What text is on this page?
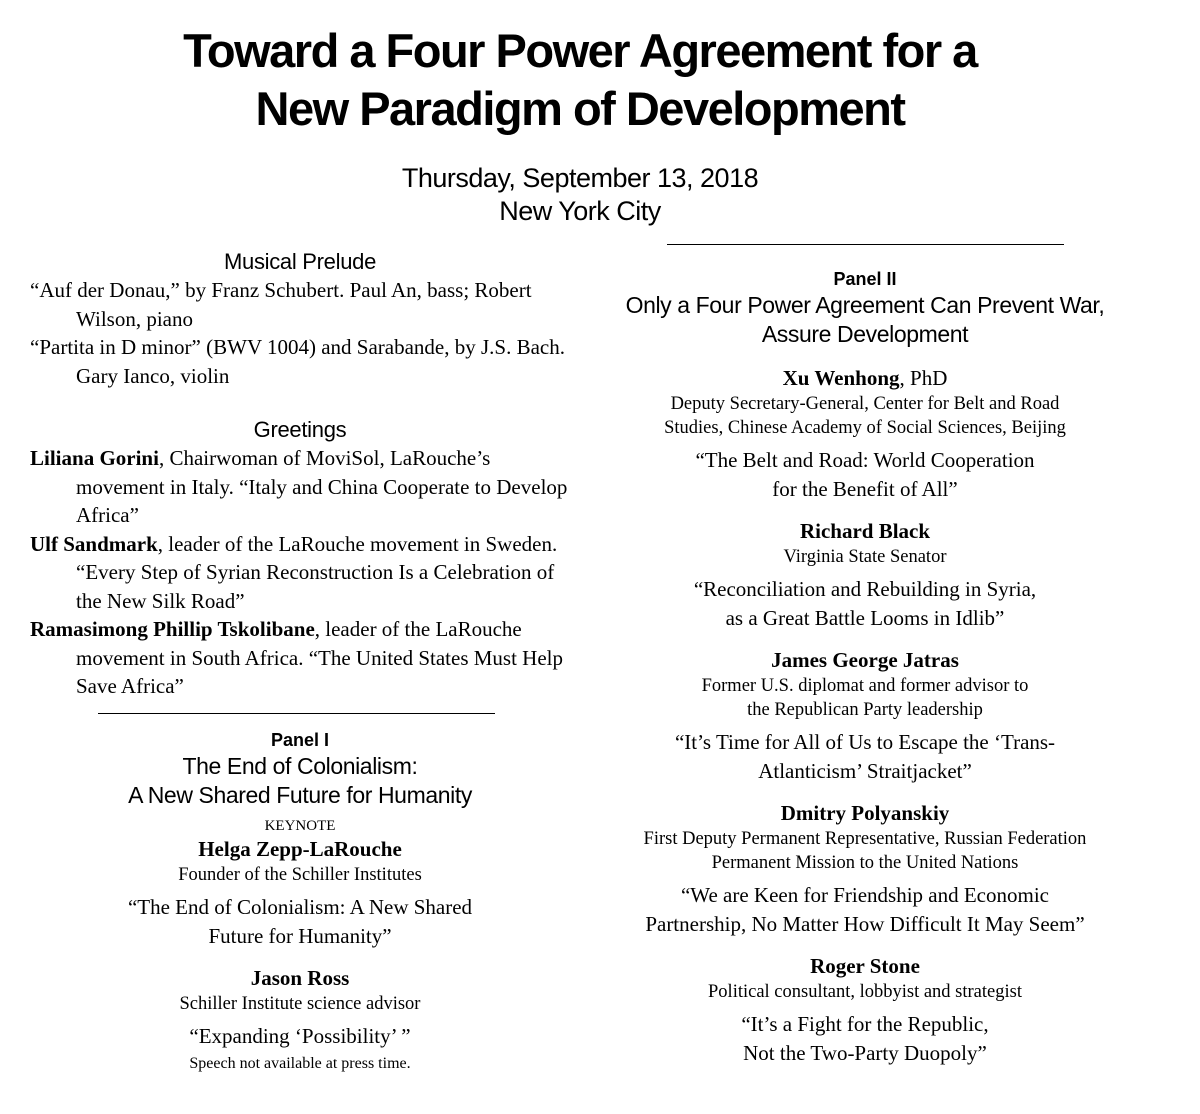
Toward a Four Power Agreement for a
New Paradigm of Development
Thursday, September 13, 2018
New York City
Musical Prelude

“Auf der Donau,” by Franz Schubert. Paul An, bass; Robert Wilson, piano

“Partita in D minor” (BWV 1004) and Sarabande, by J.S. Bach. Gary Ianco, violin

Greetings

Liliana Gorini, Chairwoman of MoviSol, LaRouche’s movement in Italy. “Italy and China Cooperate to Develop Africa”

Ulf Sandmark, leader of the LaRouche movement in Sweden. “Every Step of Syrian Reconstruction Is a Celebration of the New Silk Road”

Ramasimong Phillip Tskolibane, leader of the LaRouche movement in South Africa. “The United States Must Help Save Africa”

Panel I
The End of Colonialism:
A New Shared Future for Humanity
KEYNOTE
Helga Zepp-LaRouche
Founder of the Schiller Institutes
“The End of Colonialism: A New Shared
Future for Humanity”
Jason Ross
Schiller Institute science advisor
“Expanding ‘Possibility’ ”
Speech not available at press time.
Panel II
Only a Four Power Agreement Can Prevent War,
Assure Development
Xu Wenhong, PhD
Deputy Secretary-General, Center for Belt and Road
Studies, Chinese Academy of Social Sciences, Beijing
“The Belt and Road: World Cooperation
for the Benefit of All”
Richard Black
Virginia State Senator
“Reconciliation and Rebuilding in Syria,
as a Great Battle Looms in Idlib”
James George Jatras
Former U.S. diplomat and former advisor to
the Republican Party leadership
“It’s Time for All of Us to Escape the ‘Trans-
Atlanticism’ Straitjacket”
Dmitry Polyanskiy
First Deputy Permanent Representative, Russian Federation
Permanent Mission to the United Nations
“We are Keen for Friendship and Economic
Partnership, No Matter How Difficult It May Seem”
Roger Stone
Political consultant, lobbyist and strategist
“It’s a Fight for the Republic,
Not the Two-Party Duopoly”
